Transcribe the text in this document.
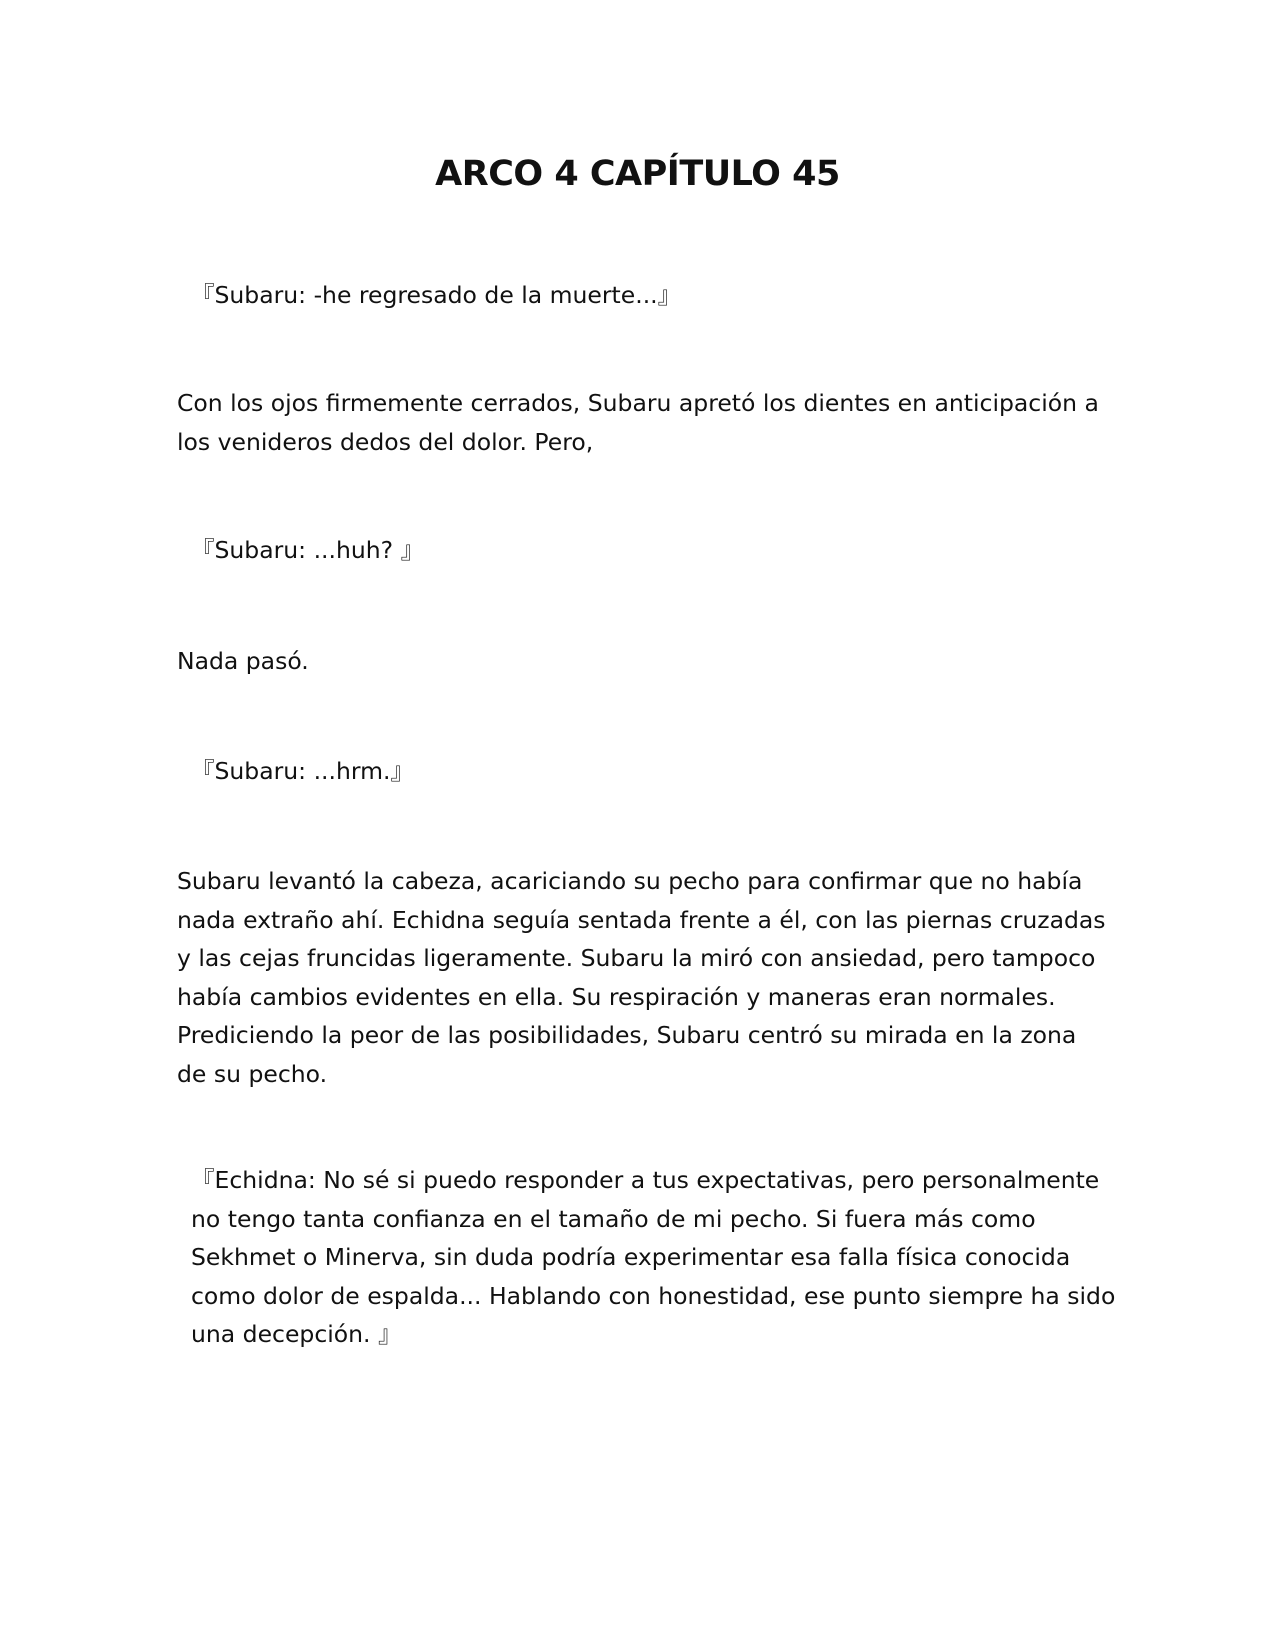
ARCO 4 CAPÍTULO 45

『Subaru: -he regresado de la muerte...』

Con los ojos firmemente cerrados, Subaru apretó los dientes en anticipación a los venideros dedos del dolor. Pero,

『Subaru: ...huh? 』

Nada pasó.

『Subaru: ...hrm.』

Subaru levantó la cabeza, acariciando su pecho para confirmar que no había nada extraño ahí. Echidna seguía sentada frente a él, con las piernas cruzadas y las cejas fruncidas ligeramente. Subaru la miró con ansiedad, pero tampoco había cambios evidentes en ella. Su respiración y maneras eran normales. Prediciendo la peor de las posibilidades, Subaru centró su mirada en la zona de su pecho.

『Echidna: No sé si puedo responder a tus expectativas, pero personalmente no tengo tanta confianza en el tamaño de mi pecho. Si fuera más como Sekhmet o Minerva, sin duda podría experimentar esa falla física conocida como dolor de espalda... Hablando con honestidad, ese punto siempre ha sido una decepción. 』
